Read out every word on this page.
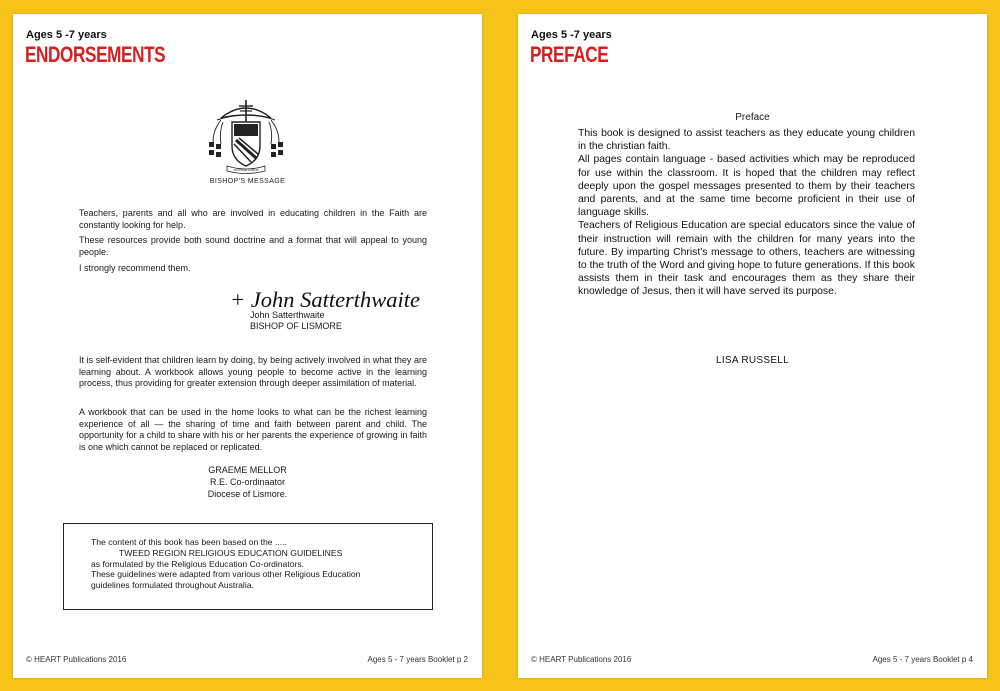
Ages 5 -7 years
ENDORSEMENTS
AVISSIMI CORDE
BISHOP'S MESSAGE

Teachers, parents and all who are involved in educating children in the Faith are constantly looking for help.

These resources provide both sound doctrine and a format that will appeal to young people.

I strongly recommend them.

+ John Satterthwaite
John Satterthwaite
BISHOP OF LISMORE

It is self-evident that children learn by doing, by being actively involved in what they are learning about. A workbook allows young people to become active in the learning process, thus providing for greater extension through deeper assimilation of material.

A workbook that can be used in the home looks to what can be the richest learning experience of all — the sharing of time and faith between parent and child. The opportunity for a child to share with his or her parents the experience of growing in faith is one which cannot be replaced or replicated.

GRAEME MELLOR
R.E. Co-ordinaator
Diocese of Lismore.
The content of this book has been based on the .....
TWEED REGION RELIGIOUS EDUCATION GUIDELINES
as formulated by the Religious Education Co-ordinators.
These guidelines were adapted from various other Religious Education
guidelines formulated throughout Australia.
© HEART Publications 2016	Ages 5 - 7 years Booklet p 2
Ages 5 -7 years
PREFACE
Preface

This book is designed to assist teachers as they educate young children in the christian faith.

All pages contain language - based activities which may be reproduced for use within the classroom. It is hoped that the children may reflect deeply upon the gospel messages presented to them by their teachers and parents, and at the same time become proficient in their use of language skills.

Teachers of Religious Education are special educators since the value of their instruction will remain with the children for many years into the future. By imparting Christ's message to others, teachers are witnessing to the truth of the Word and giving hope to future generations. If this book assists them in their task and encourages them as they share their knowledge of Jesus, then it will have served its purpose.

LISA RUSSELL
© HEART Publications 2016	Ages 5 - 7 years Booklet p 4
